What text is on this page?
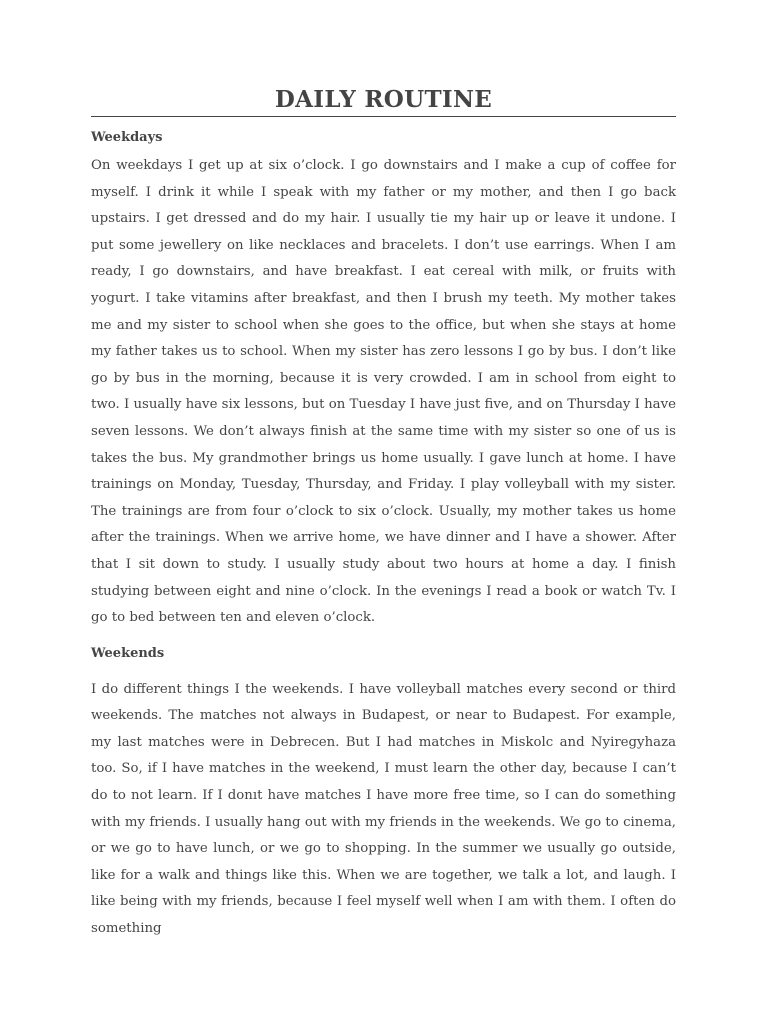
DAILY ROUTINE
Weekdays

On weekdays I get up at six o’clock. I go downstairs and I make a cup of coffee for myself. I drink it while I speak with my father or my mother, and then I go back upstairs. I get dressed and do my hair. I usually tie my hair up or leave it undone. I put some jewellery on like necklaces and bracelets. I don’t use earrings. When I am ready, I go downstairs, and have breakfast. I eat cereal with milk, or fruits with yogurt. I take vitamins after breakfast, and then I brush my teeth. My mother takes me and my sister to school when she goes to the office, but when she stays at home my father takes us to school. When my sister has zero lessons I go by bus. I don’t like go by bus in the morning, because it is very crowded. I am in school from eight to two. I usually have six lessons, but on Tuesday I have just five, and on Thursday I have seven lessons. We don’t always finish at the same time with my sister so one of us is takes the bus. My grandmother brings us home usually. I gave lunch at home. I have trainings on Monday, Tuesday, Thursday, and Friday. I play volleyball with my sister. The trainings are from four o’clock to six o’clock. Usually, my mother takes us home after the trainings. When we arrive home, we have dinner and I have a shower. After that I sit down to study. I usually study about two hours at home a day. I finish studying between eight and nine o’clock. In the evenings I read a book or watch Tv. I go to bed between ten and eleven o’clock.

Weekends

I do different things I the weekends. I have volleyball matches every second or third weekends. The matches not always in Budapest, or near to Budapest. For example, my last matches were in Debrecen. But I had matches in Miskolc and Nyiregyhaza too. So, if I have matches in the weekend, I must learn the other day, because I can’t do to not learn. If I donıt have matches I have more free time, so I can do something with my friends. I usually hang out with my friends in the weekends. We go to cinema, or we go to have lunch, or we go to shopping. In the summer we usually go outside, like for a walk and things like this. When we are together, we talk a lot, and laugh. I like being with my friends, because I feel myself well when I am with them. I often do something
